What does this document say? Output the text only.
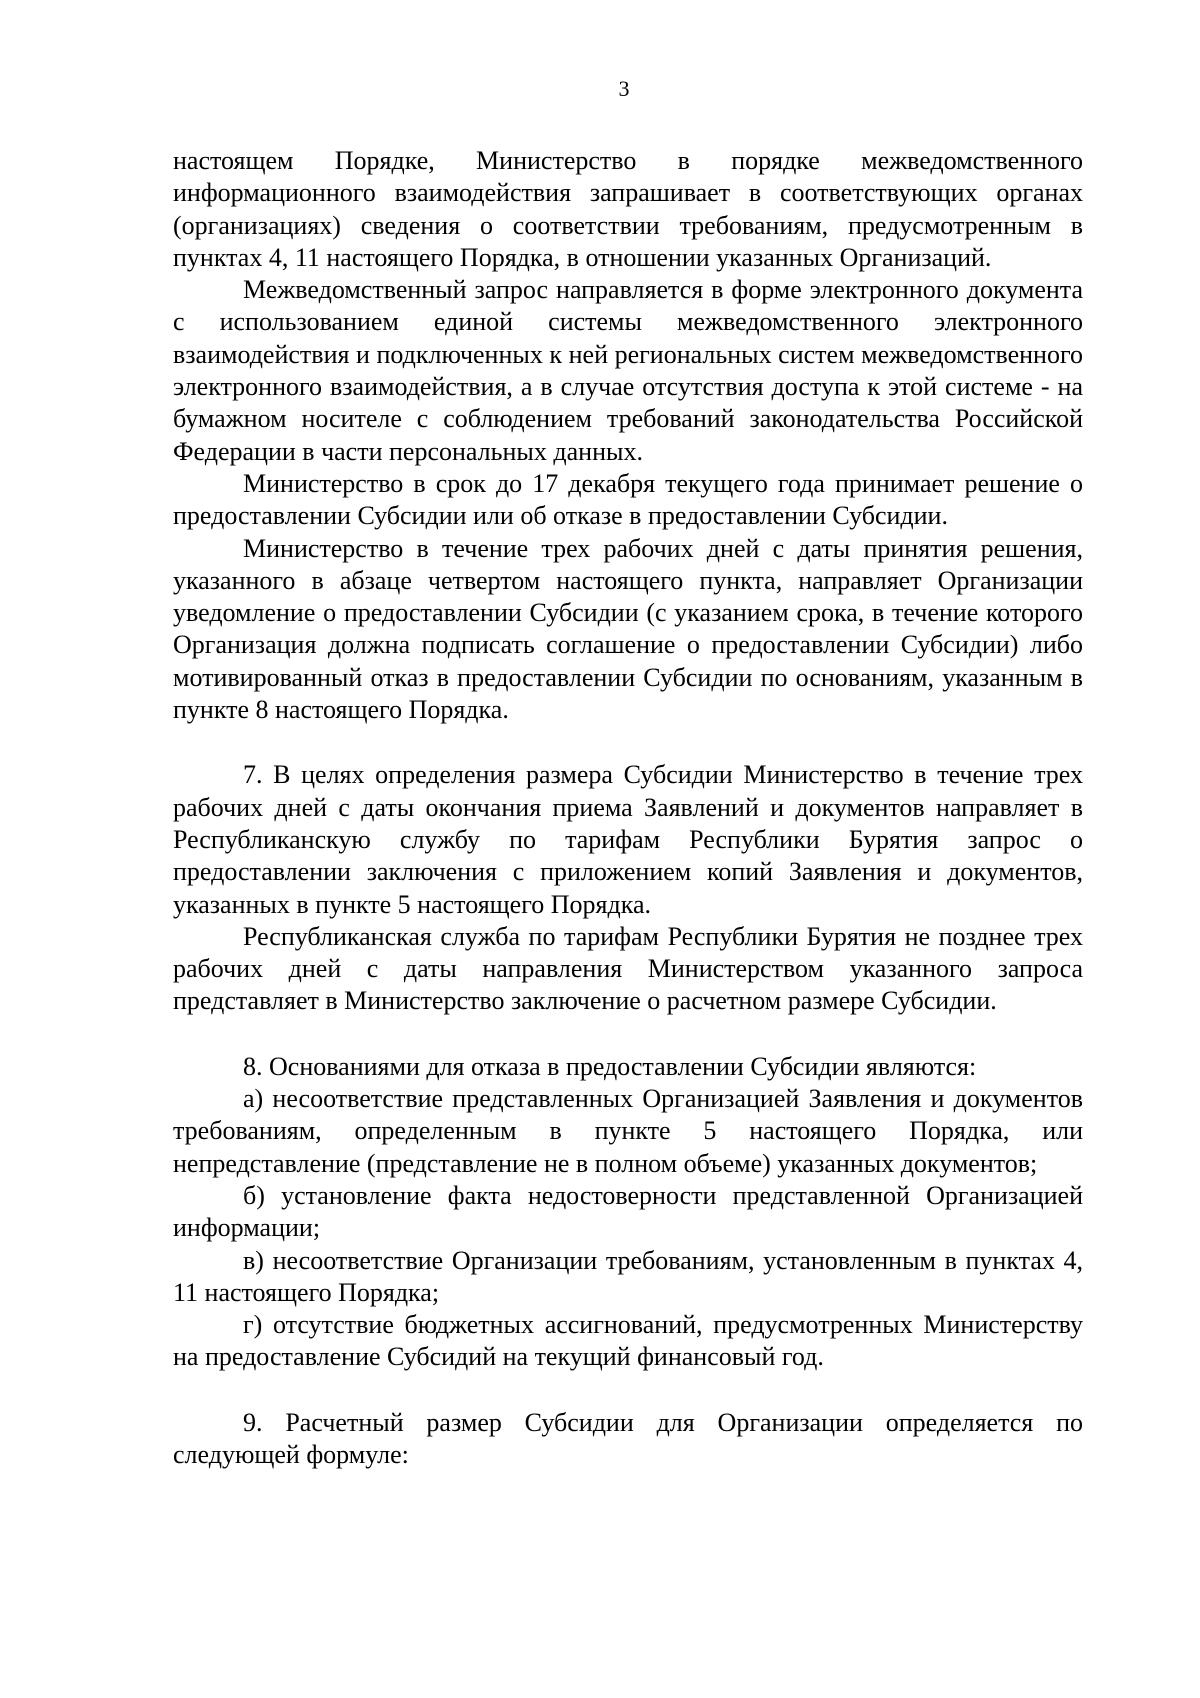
3

настоящем Порядке, Министерство в порядке межведомственного информационного взаимодействия запрашивает в соответствующих органах (организациях) сведения о соответствии требованиям, предусмотренным в пунктах 4, 11 настоящего Порядка, в отношении указанных Организаций.

Межведомственный запрос направляется в форме электронного документа с использованием единой системы межведомственного электронного взаимодействия и подключенных к ней региональных систем межведомственного электронного взаимодействия, а в случае отсутствия доступа к этой системе - на бумажном носителе с соблюдением требований законодательства Российской Федерации в части персональных данных.

Министерство в срок до 17 декабря текущего года принимает решение о предоставлении Субсидии или об отказе в предоставлении Субсидии.

Министерство в течение трех рабочих дней с даты принятия решения, указанного в абзаце четвертом настоящего пункта, направляет Организации уведомление о предоставлении Субсидии (с указанием срока, в течение которого Организация должна подписать соглашение о предоставлении Субсидии) либо мотивированный отказ в предоставлении Субсидии по основаниям, указанным в пункте 8 настоящего Порядка.

7. В целях определения размера Субсидии Министерство в течение трех рабочих дней с даты окончания приема Заявлений и документов направляет в Республиканскую службу по тарифам Республики Бурятия запрос о предоставлении заключения с приложением копий Заявления и документов, указанных в пункте 5 настоящего Порядка.

Республиканская служба по тарифам Республики Бурятия не позднее трех рабочих дней с даты направления Министерством указанного запроса представляет в Министерство заключение о расчетном размере Субсидии.

8. Основаниями для отказа в предоставлении Субсидии являются:

а) несоответствие представленных Организацией Заявления и документов требованиям, определенным в пункте 5 настоящего Порядка, или непредставление (представление не в полном объеме) указанных документов;

б) установление факта недостоверности представленной Организацией информации;

в) несоответствие Организации требованиям, установленным в пунктах 4, 11 настоящего Порядка;

г) отсутствие бюджетных ассигнований, предусмотренных Министерству на предоставление Субсидий на текущий финансовый год.

9. Расчетный размер Субсидии для Организации определяется по следующей формуле:
